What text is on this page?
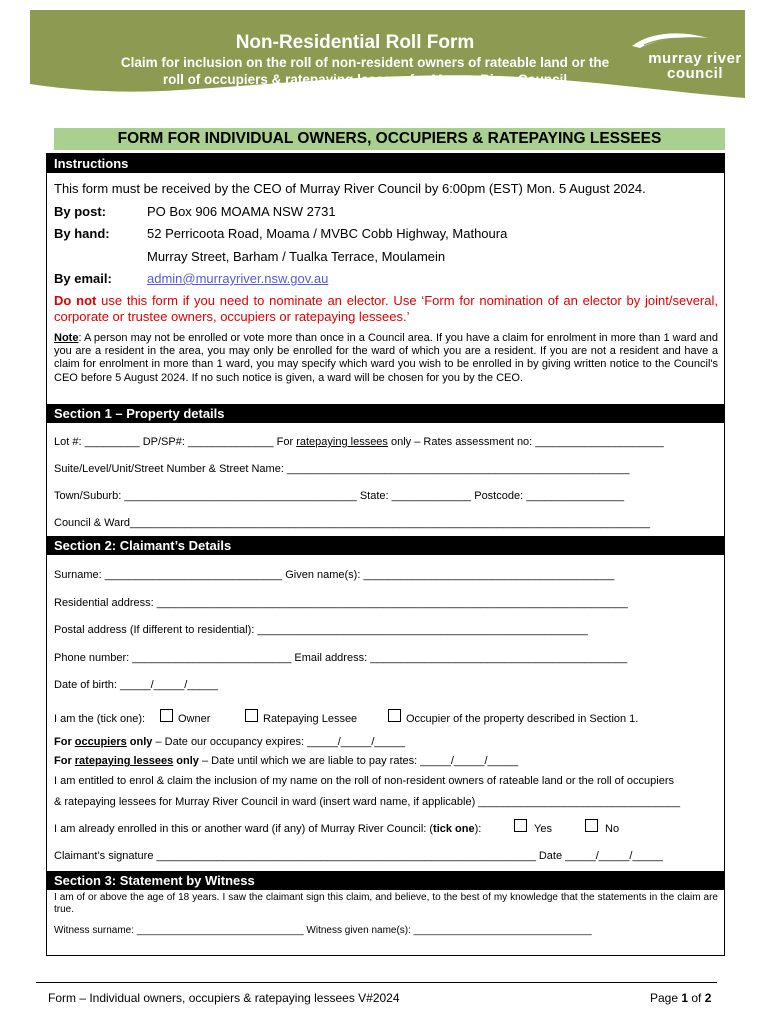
Non-Residential Roll Form
Claim for inclusion on the roll of non-resident owners of rateable land or the
roll of occupiers & ratepaying lessees for Murray River Council
murray river
council
FORM FOR INDIVIDUAL OWNERS, OCCUPIERS & RATEPAYING LESSEES
Instructions
This form must be received by the CEO of Murray River Council by 6:00pm (EST) Mon. 5 August 2024.
By post:	PO Box 906 MOAMA NSW 2731
By hand:	52 Perricoota Road, Moama / MVBC Cobb Highway, Mathoura
Murray Street, Barham / Tualka Terrace, Moulamein
By email:	admin@murrayriver.nsw.gov.au
Do not use this form if you need to nominate an elector. Use ‘Form for nomination of an elector by joint/several, corporate or trustee owners, occupiers or ratepaying lessees.’
Note: A person may not be enrolled or vote more than once in a Council area. If you have a claim for enrolment in more than 1 ward and you are a resident in the area, you may only be enrolled for the ward of which you are a resident. If you are not a resident and have a claim for enrolment in more than 1 ward, you may specify which ward you wish to be enrolled in by giving written notice to the Council's CEO before 5 August 2024. If no such notice is given, a ward will be chosen for you by the CEO.
Section 1 – Property details
Lot #: _________ DP/SP#: ______________ For ratepaying lessees only – Rates assessment no: _____________________
Suite/Level/Unit/Street Number & Street Name: ________________________________________________________
Town/Suburb: ______________________________________ State: _____________ Postcode: ________________
Council & Ward_____________________________________________________________________________________
Section 2: Claimant’s Details
Surname: _____________________________ Given name(s): _________________________________________
Residential address: _____________________________________________________________________________
Postal address (If different to residential): ______________________________________________________
Phone number: __________________________ Email address: __________________________________________
Date of birth: _____/_____/_____
I am the (tick one):	Owner	Ratepaying Lessee	Occupier of the property described in Section 1.
For occupiers only – Date our occupancy expires: _____/_____/_____
For ratepaying lessees only – Date until which we are liable to pay rates: _____/_____/_____
I am entitled to enrol & claim the inclusion of my name on the roll of non-resident owners of rateable land or the roll of occupiers
& ratepaying lessees for Murray River Council in ward (insert ward name, if applicable) _________________________________
I am already enrolled in this or another ward (if any) of Murray River Council: (tick one):	Yes	No
Claimant’s signature ______________________________________________________________ Date _____/_____/_____
Section 3: Statement by Witness
I am of or above the age of 18 years. I saw the claimant sign this claim, and believe, to the best of my knowledge that the statements in the claim are true.
Witness surname: ______________________________ Witness given name(s): ________________________________
Form – Individual owners, occupiers & ratepaying lessees V#2024	Page 1 of 2
